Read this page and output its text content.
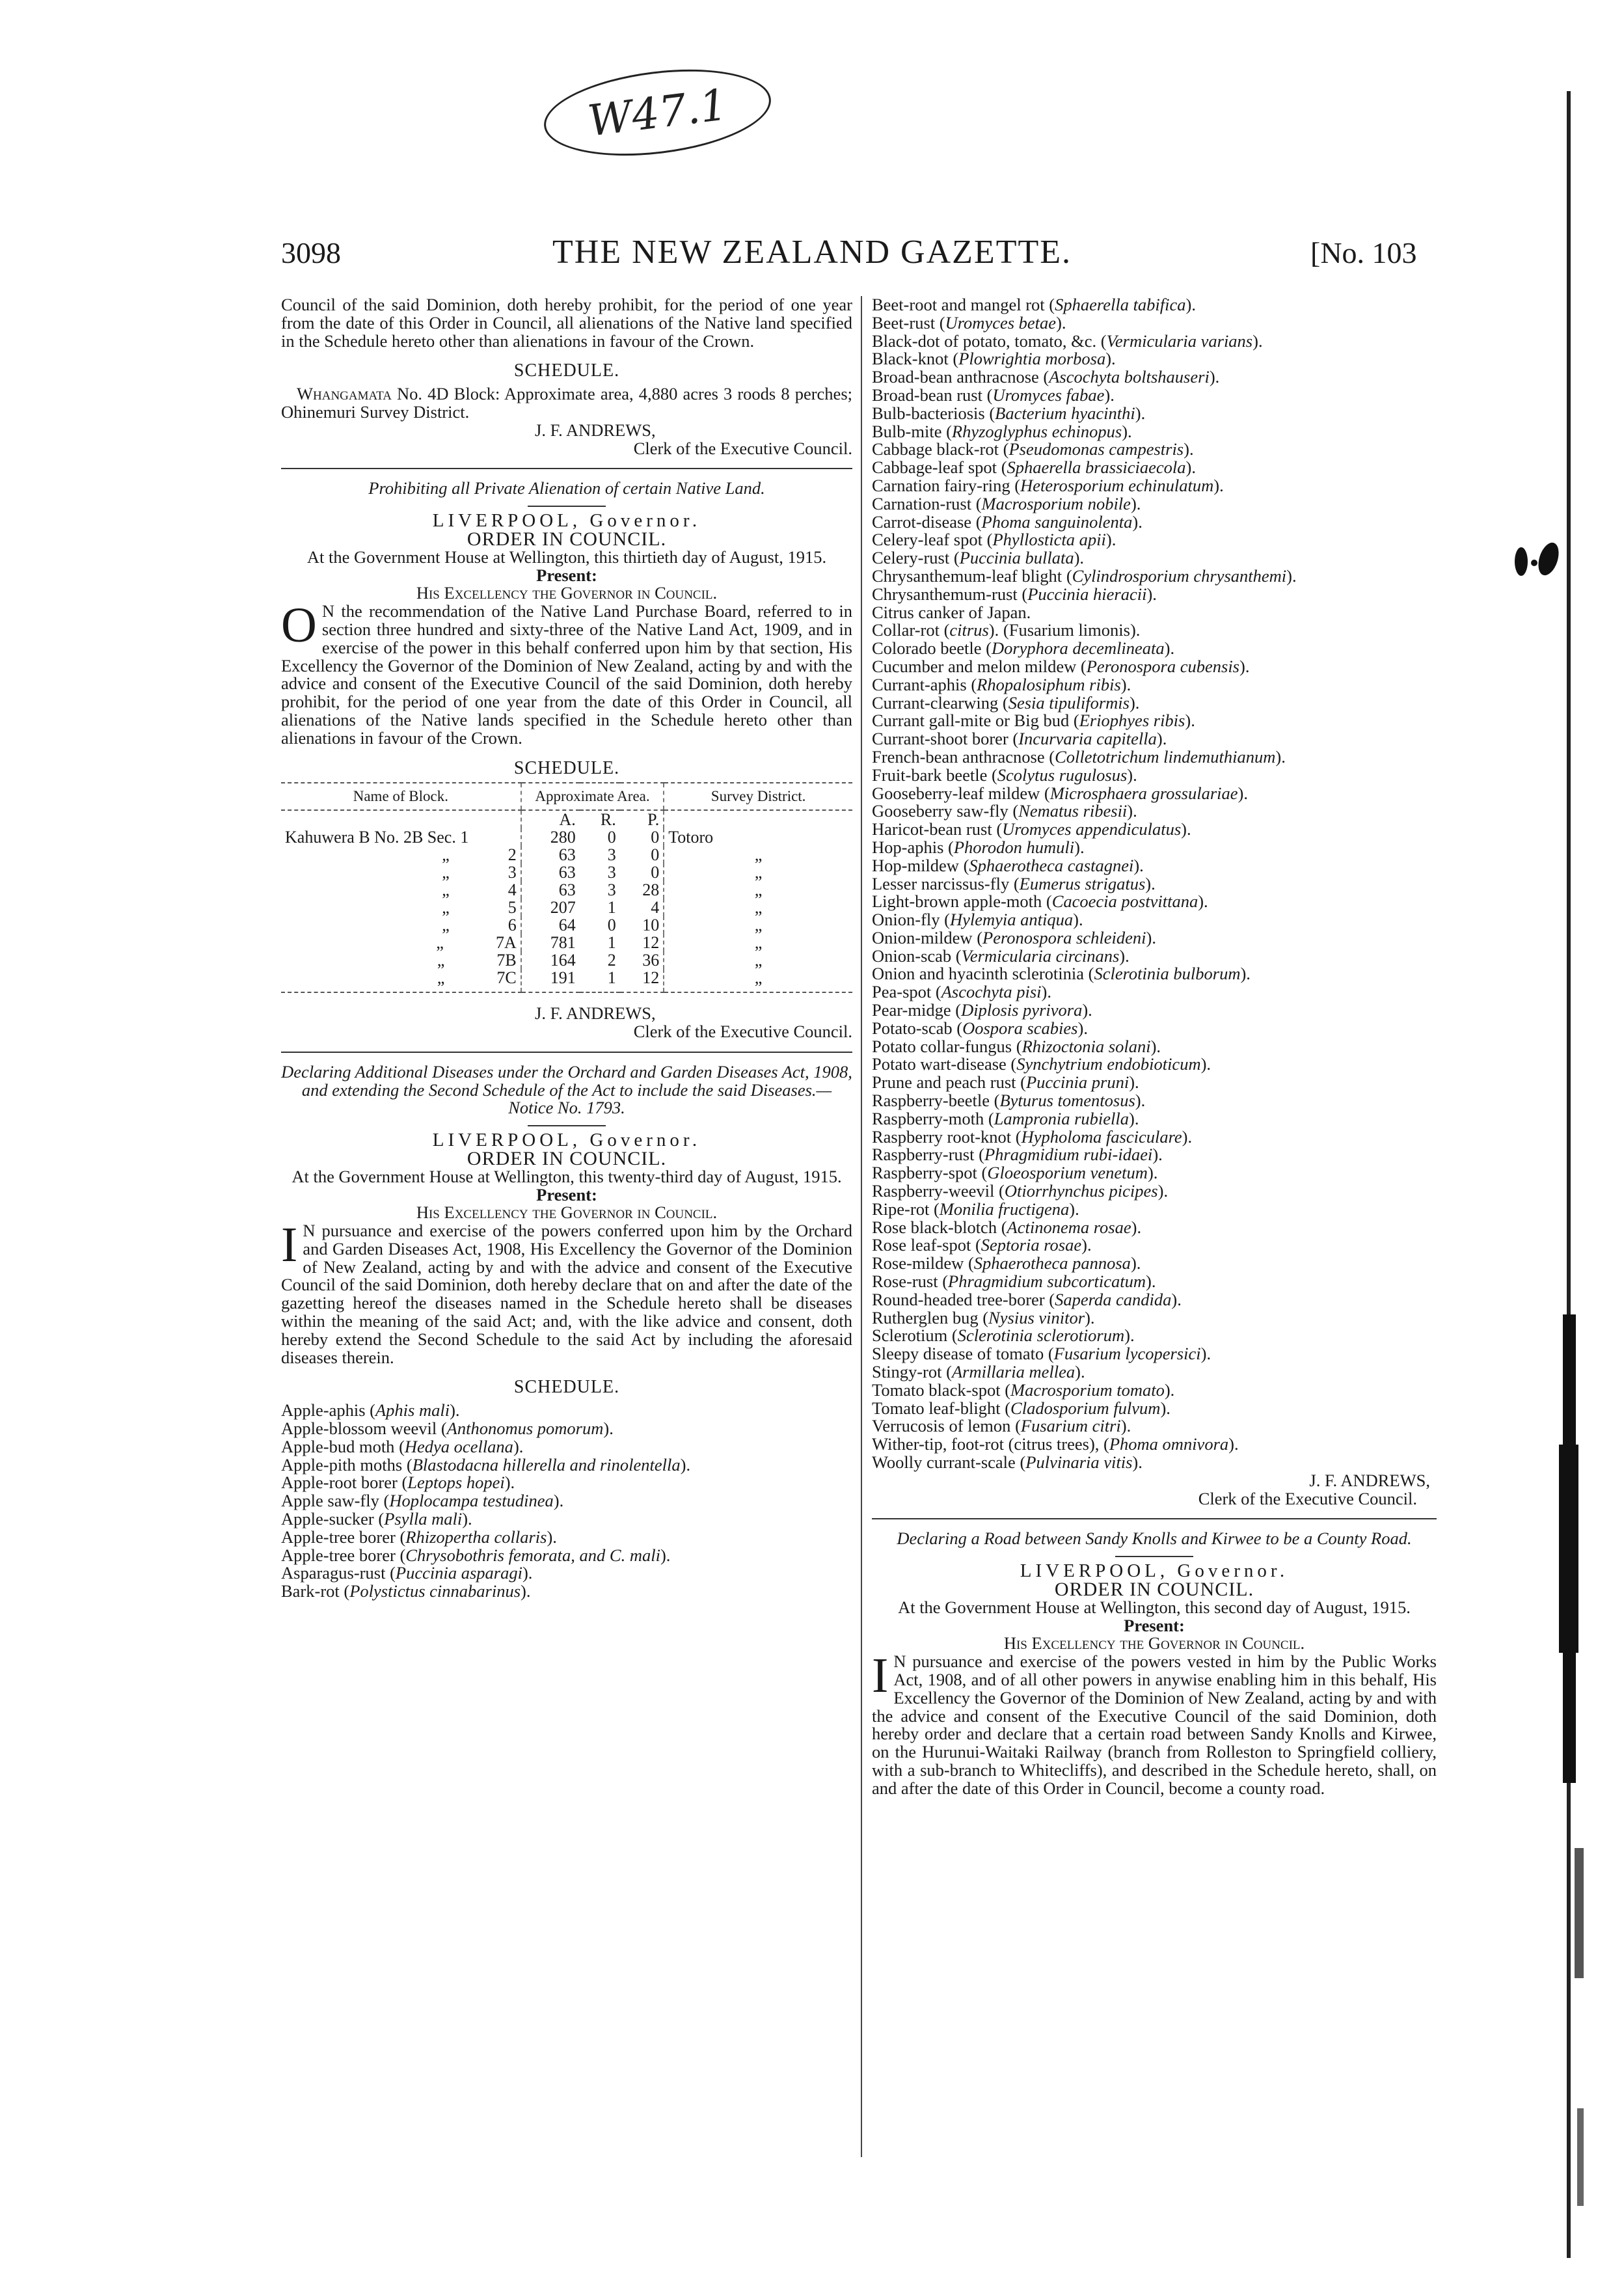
W47.1
3098	THE NEW ZEALAND GAZETTE.	[No. 103

Council of the said Dominion, doth hereby prohibit, for the period of one year from the date of this Order in Council, all alienations of the Native land specified in the Schedule hereto other than alienations in favour of the Crown.

SCHEDULE.

Whangamata No. 4D Block: Approximate area, 4,880 acres 3 roods 8 perches; Ohinemuri Survey District.

J. F. ANDREWS,
Clerk of the Executive Council.
Prohibiting all Private Alienation of certain Native Land.
LIVERPOOL, Governor.
ORDER IN COUNCIL.
At the Government House at Wellington, this thirtieth day of August, 1915.
Present:
His Excellency the Governor in Council.

O N the recommendation of the Native Land Purchase Board, referred to in section three hundred and sixty-three of the Native Land Act, 1909, and in exercise of the power in this behalf conferred upon him by that section, His Excellency the Governor of the Dominion of New Zealand, acting by and with the advice and consent of the Executive Council of the said Dominion, doth hereby prohibit, for the period of one year from the date of this Order in Council, all alienations of the Native lands specified in the Schedule hereto other than alienations in favour of the Crown.

SCHEDULE.
Name of Block.	Approximate Area.			Survey District.
	A.	R.	P.	
Kahuwera B No. 2B Sec. 1	280	0	0	Totoro
„ 2	63	3	0	„
„ 3	63	3	0	„
„ 4	63	3	28	„
„ 5	207	1	4	„
„ 6	64	0	10	„
„ 7A	781	1	12	„
„ 7B	164	2	36	„
„ 7C	191	1	12	„
J. F. ANDREWS,
Clerk of the Executive Council.
Declaring Additional Diseases under the Orchard and Garden Diseases Act, 1908, and extending the Second Schedule of the Act to include the said Diseases.—Notice No. 1793.
LIVERPOOL, Governor.
ORDER IN COUNCIL.
At the Government House at Wellington, this twenty-third day of August, 1915.
Present:
His Excellency the Governor in Council.

I N pursuance and exercise of the powers conferred upon him by the Orchard and Garden Diseases Act, 1908, His Excellency the Governor of the Dominion of New Zealand, acting by and with the advice and consent of the Executive Council of the said Dominion, doth hereby declare that on and after the date of the gazetting hereof the diseases named in the Schedule hereto shall be diseases within the meaning of the said Act; and, with the like advice and consent, doth hereby extend the Second Schedule to the said Act by including the aforesaid diseases therein.

SCHEDULE.
Apple-aphis (Aphis mali).
Apple-blossom weevil (Anthonomus pomorum).
Apple-bud moth (Hedya ocellana).
Apple-pith moths (Blastodacna hillerella and rinolentella).
Apple-root borer (Leptops hopei).
Apple saw-fly (Hoplocampa testudinea).
Apple-sucker (Psylla mali).
Apple-tree borer (Rhizopertha collaris).
Apple-tree borer (Chrysobothris femorata, and C. mali).
Asparagus-rust (Puccinia asparagi).
Bark-rot (Polystictus cinnabarinus).
Beet-root and mangel rot (Sphaerella tabifica).
Beet-rust (Uromyces betae).
Black-dot of potato, tomato, &c. (Vermicularia varians).
Black-knot (Plowrightia morbosa).
Broad-bean anthracnose (Ascochyta boltshauseri).
Broad-bean rust (Uromyces fabae).
Bulb-bacteriosis (Bacterium hyacinthi).
Bulb-mite (Rhyzoglyphus echinopus).
Cabbage black-rot (Pseudomonas campestris).
Cabbage-leaf spot (Sphaerella brassiciaecola).
Carnation fairy-ring (Heterosporium echinulatum).
Carnation-rust (Macrosporium nobile).
Carrot-disease (Phoma sanguinolenta).
Celery-leaf spot (Phyllosticta apii).
Celery-rust (Puccinia bullata).
Chrysanthemum-leaf blight (Cylindrosporium chrysanthemi).
Chrysanthemum-rust (Puccinia hieracii).
Citrus canker of Japan.
Collar-rot (citrus). (Fusarium limonis).
Colorado beetle (Doryphora decemlineata).
Cucumber and melon mildew (Peronospora cubensis).
Currant-aphis (Rhopalosiphum ribis).
Currant-clearwing (Sesia tipuliformis).
Currant gall-mite or Big bud (Eriophyes ribis).
Currant-shoot borer (Incurvaria capitella).
French-bean anthracnose (Colletotrichum lindemuthianum).
Fruit-bark beetle (Scolytus rugulosus).
Gooseberry-leaf mildew (Microsphaera grossulariae).
Gooseberry saw-fly (Nematus ribesii).
Haricot-bean rust (Uromyces appendiculatus).
Hop-aphis (Phorodon humuli).
Hop-mildew (Sphaerotheca castagnei).
Lesser narcissus-fly (Eumerus strigatus).
Light-brown apple-moth (Cacoecia postvittana).
Onion-fly (Hylemyia antiqua).
Onion-mildew (Peronospora schleideni).
Onion-scab (Vermicularia circinans).
Onion and hyacinth sclerotinia (Sclerotinia bulborum).
Pea-spot (Ascochyta pisi).
Pear-midge (Diplosis pyrivora).
Potato-scab (Oospora scabies).
Potato collar-fungus (Rhizoctonia solani).
Potato wart-disease (Synchytrium endobioticum).
Prune and peach rust (Puccinia pruni).
Raspberry-beetle (Byturus tomentosus).
Raspberry-moth (Lampronia rubiella).
Raspberry root-knot (Hypholoma fasciculare).
Raspberry-rust (Phragmidium rubi-idaei).
Raspberry-spot (Gloeosporium venetum).
Raspberry-weevil (Otiorrhynchus picipes).
Ripe-rot (Monilia fructigena).
Rose black-blotch (Actinonema rosae).
Rose leaf-spot (Septoria rosae).
Rose-mildew (Sphaerotheca pannosa).
Rose-rust (Phragmidium subcorticatum).
Round-headed tree-borer (Saperda candida).
Rutherglen bug (Nysius vinitor).
Sclerotium (Sclerotinia sclerotiorum).
Sleepy disease of tomato (Fusarium lycopersici).
Stingy-rot (Armillaria mellea).
Tomato black-spot (Macrosporium tomato).
Tomato leaf-blight (Cladosporium fulvum).
Verrucosis of lemon (Fusarium citri).
Wither-tip, foot-rot (citrus trees), (Phoma omnivora).
Woolly currant-scale (Pulvinaria vitis).
J. F. ANDREWS,
Clerk of the Executive Council.
Declaring a Road between Sandy Knolls and Kirwee to be a County Road.
LIVERPOOL, Governor.
ORDER IN COUNCIL.
At the Government House at Wellington, this second day of August, 1915.
Present:
His Excellency the Governor in Council.

I N pursuance and exercise of the powers vested in him by the Public Works Act, 1908, and of all other powers in anywise enabling him in this behalf, His Excellency the Governor of the Dominion of New Zealand, acting by and with the advice and consent of the Executive Council of the said Dominion, doth hereby order and declare that a certain road between Sandy Knolls and Kirwee, on the Hurunui-Waitaki Railway (branch from Rolleston to Springfield colliery, with a sub-branch to Whitecliffs), and described in the Schedule hereto, shall, on and after the date of this Order in Council, become a county road.
